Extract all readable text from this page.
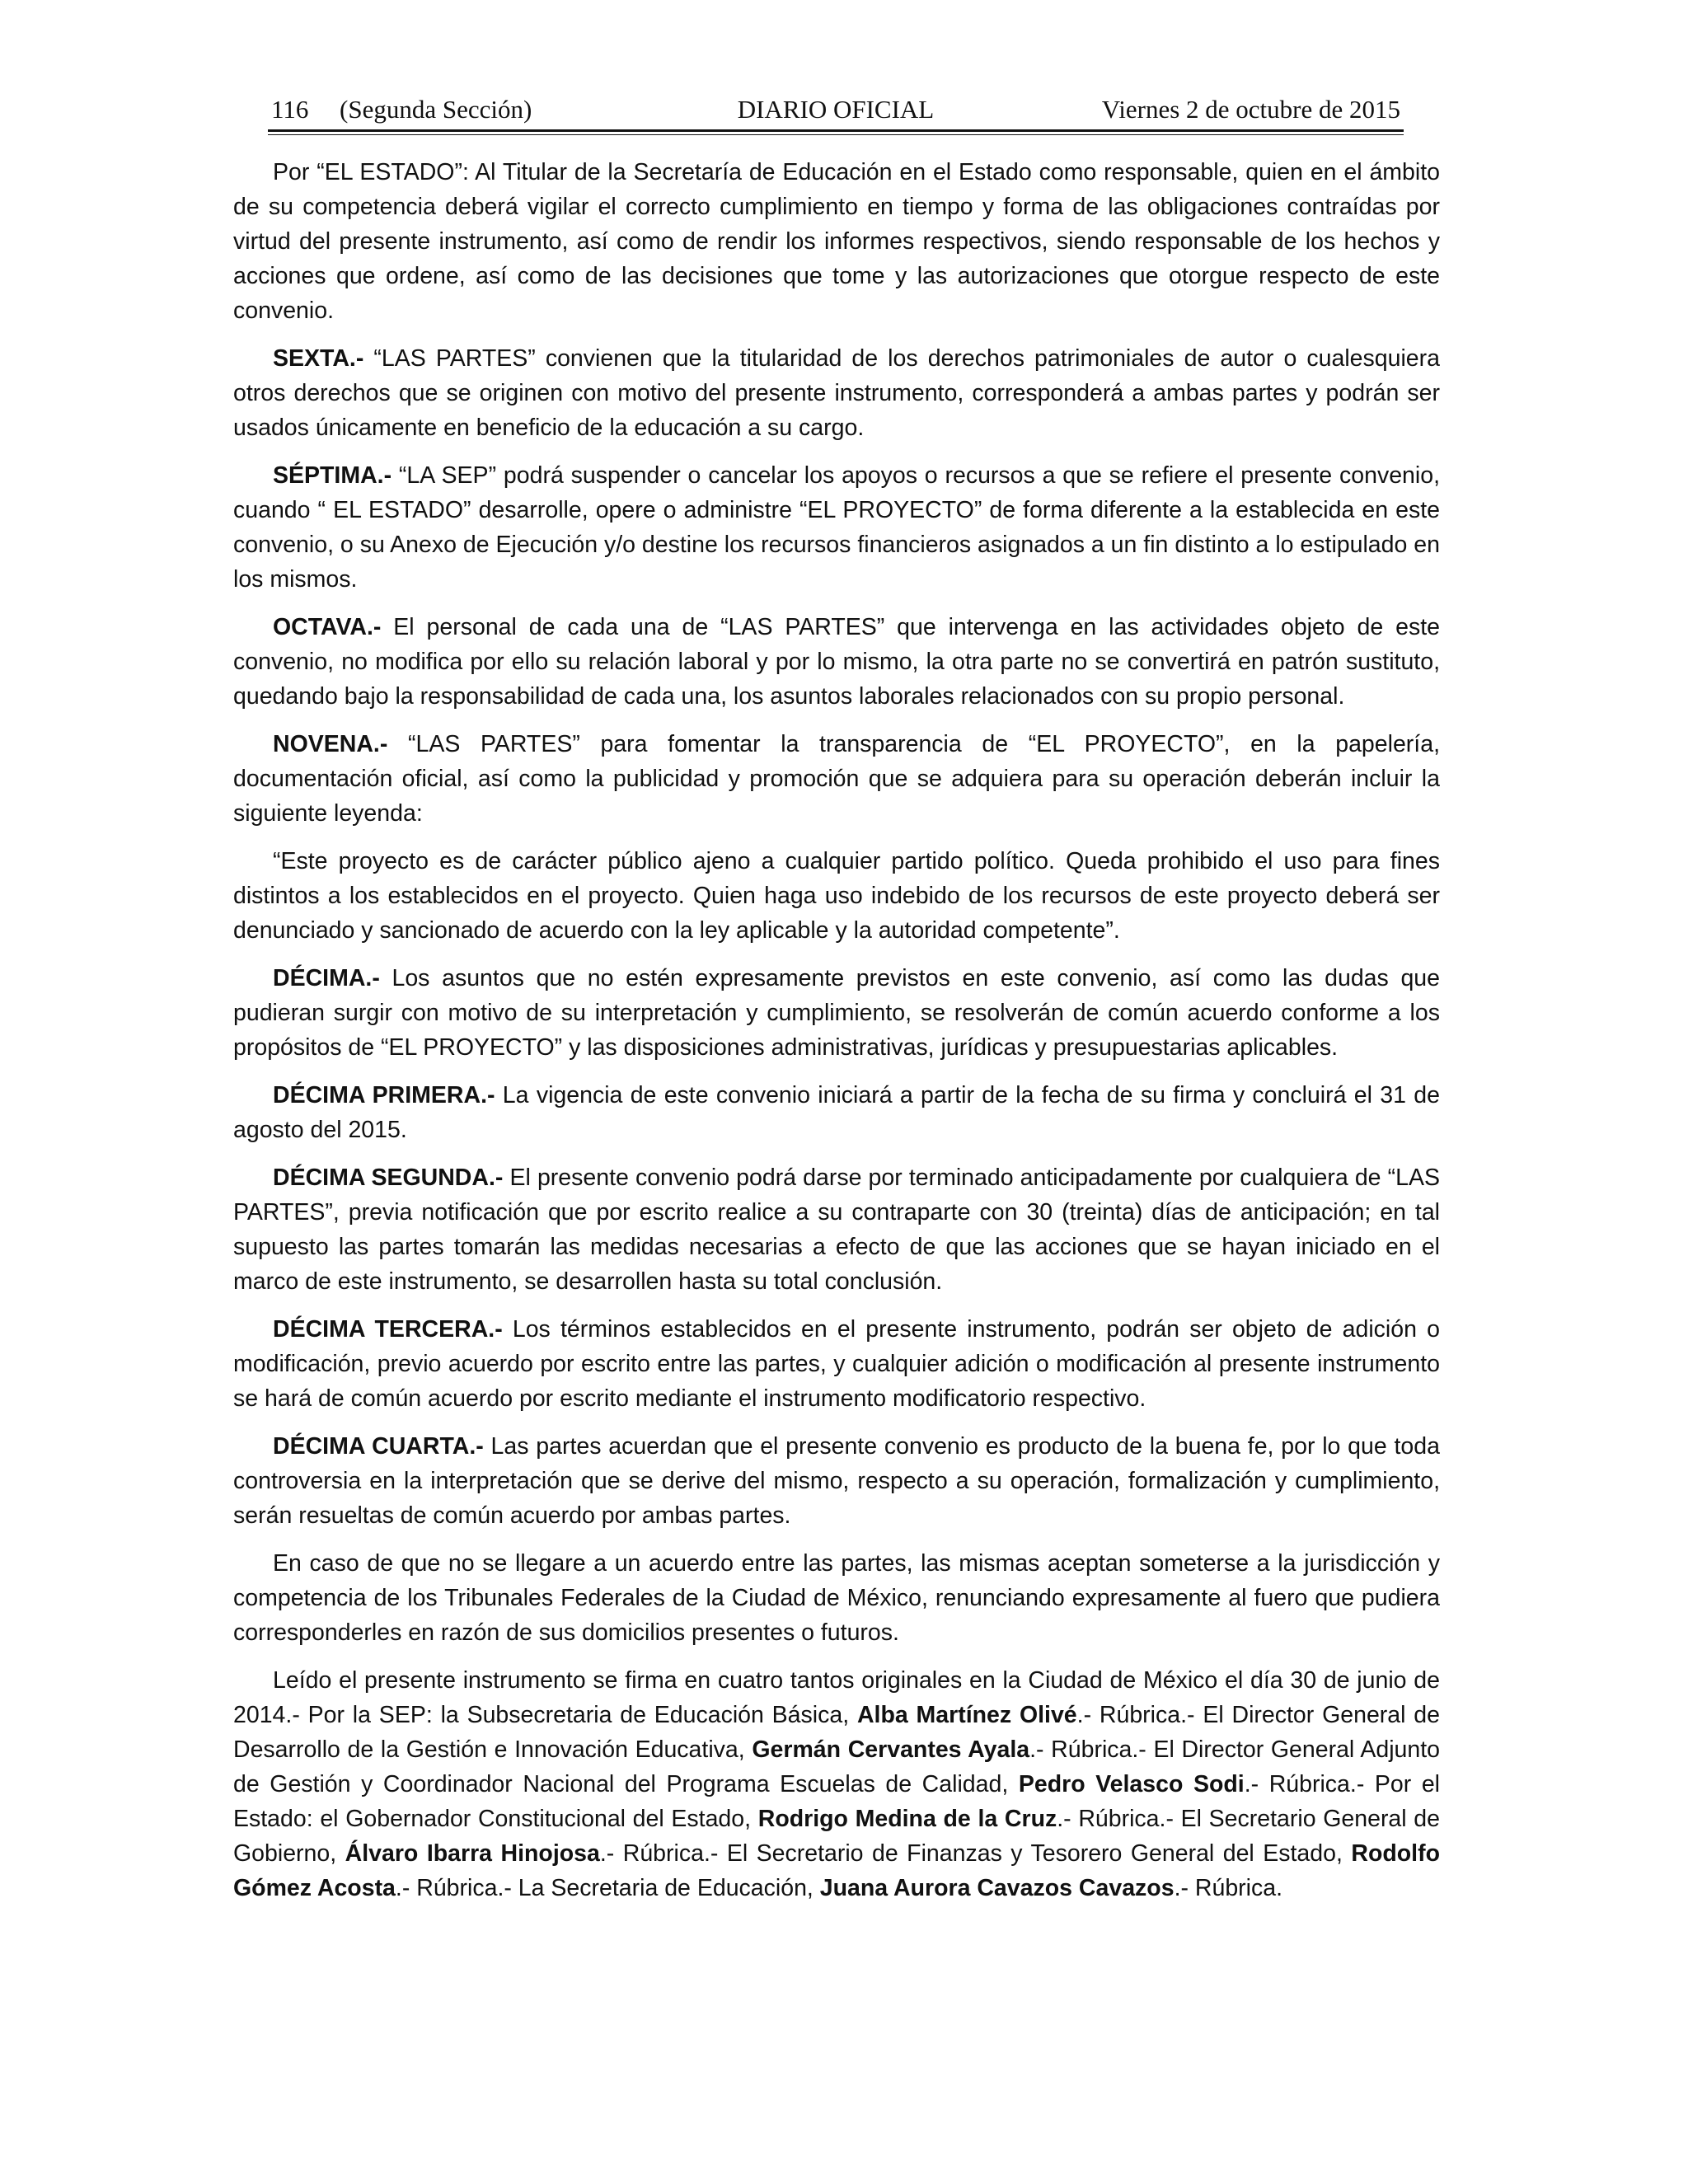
116 (Segunda Sección)	DIARIO OFICIAL	Viernes 2 de octubre de 2015

Por “EL ESTADO”: Al Titular de la Secretaría de Educación en el Estado como responsable, quien en el ámbito de su competencia deberá vigilar el correcto cumplimiento en tiempo y forma de las obligaciones contraídas por virtud del presente instrumento, así como de rendir los informes respectivos, siendo responsable de los hechos y acciones que ordene, así como de las decisiones que tome y las autorizaciones que otorgue respecto de este convenio.

SEXTA.- “LAS PARTES” convienen que la titularidad de los derechos patrimoniales de autor o cualesquiera otros derechos que se originen con motivo del presente instrumento, corresponderá a ambas partes y podrán ser usados únicamente en beneficio de la educación a su cargo.

SÉPTIMA.- “LA SEP” podrá suspender o cancelar los apoyos o recursos a que se refiere el presente convenio, cuando “ EL ESTADO” desarrolle, opere o administre “EL PROYECTO” de forma diferente a la establecida en este convenio, o su Anexo de Ejecución y/o destine los recursos financieros asignados a un fin distinto a lo estipulado en los mismos.

OCTAVA.- El personal de cada una de “LAS PARTES” que intervenga en las actividades objeto de este convenio, no modifica por ello su relación laboral y por lo mismo, la otra parte no se convertirá en patrón sustituto, quedando bajo la responsabilidad de cada una, los asuntos laborales relacionados con su propio personal.

NOVENA.- “LAS PARTES” para fomentar la transparencia de “EL PROYECTO”, en la papelería, documentación oficial, así como la publicidad y promoción que se adquiera para su operación deberán incluir la siguiente leyenda:

“Este proyecto es de carácter público ajeno a cualquier partido político. Queda prohibido el uso para fines distintos a los establecidos en el proyecto. Quien haga uso indebido de los recursos de este proyecto deberá ser denunciado y sancionado de acuerdo con la ley aplicable y la autoridad competente”.

DÉCIMA.- Los asuntos que no estén expresamente previstos en este convenio, así como las dudas que pudieran surgir con motivo de su interpretación y cumplimiento, se resolverán de común acuerdo conforme a los propósitos de “EL PROYECTO” y las disposiciones administrativas, jurídicas y presupuestarias aplicables.

DÉCIMA PRIMERA.- La vigencia de este convenio iniciará a partir de la fecha de su firma y concluirá el 31 de agosto del 2015.

DÉCIMA SEGUNDA.- El presente convenio podrá darse por terminado anticipadamente por cualquiera de “LAS PARTES”, previa notificación que por escrito realice a su contraparte con 30 (treinta) días de anticipación; en tal supuesto las partes tomarán las medidas necesarias a efecto de que las acciones que se hayan iniciado en el marco de este instrumento, se desarrollen hasta su total conclusión.

DÉCIMA TERCERA.- Los términos establecidos en el presente instrumento, podrán ser objeto de adición o modificación, previo acuerdo por escrito entre las partes, y cualquier adición o modificación al presente instrumento se hará de común acuerdo por escrito mediante el instrumento modificatorio respectivo.

DÉCIMA CUARTA.- Las partes acuerdan que el presente convenio es producto de la buena fe, por lo que toda controversia en la interpretación que se derive del mismo, respecto a su operación, formalización y cumplimiento, serán resueltas de común acuerdo por ambas partes.

En caso de que no se llegare a un acuerdo entre las partes, las mismas aceptan someterse a la jurisdicción y competencia de los Tribunales Federales de la Ciudad de México, renunciando expresamente al fuero que pudiera corresponderles en razón de sus domicilios presentes o futuros.

Leído el presente instrumento se firma en cuatro tantos originales en la Ciudad de México el día 30 de junio de 2014.- Por la SEP: la Subsecretaria de Educación Básica, Alba Martínez Olivé.- Rúbrica.- El Director General de Desarrollo de la Gestión e Innovación Educativa, Germán Cervantes Ayala.- Rúbrica.- El Director General Adjunto de Gestión y Coordinador Nacional del Programa Escuelas de Calidad, Pedro Velasco Sodi.- Rúbrica.- Por el Estado: el Gobernador Constitucional del Estado, Rodrigo Medina de la Cruz.- Rúbrica.- El Secretario General de Gobierno, Álvaro Ibarra Hinojosa.- Rúbrica.- El Secretario de Finanzas y Tesorero General del Estado, Rodolfo Gómez Acosta.- Rúbrica.- La Secretaria de Educación, Juana Aurora Cavazos Cavazos.- Rúbrica.
